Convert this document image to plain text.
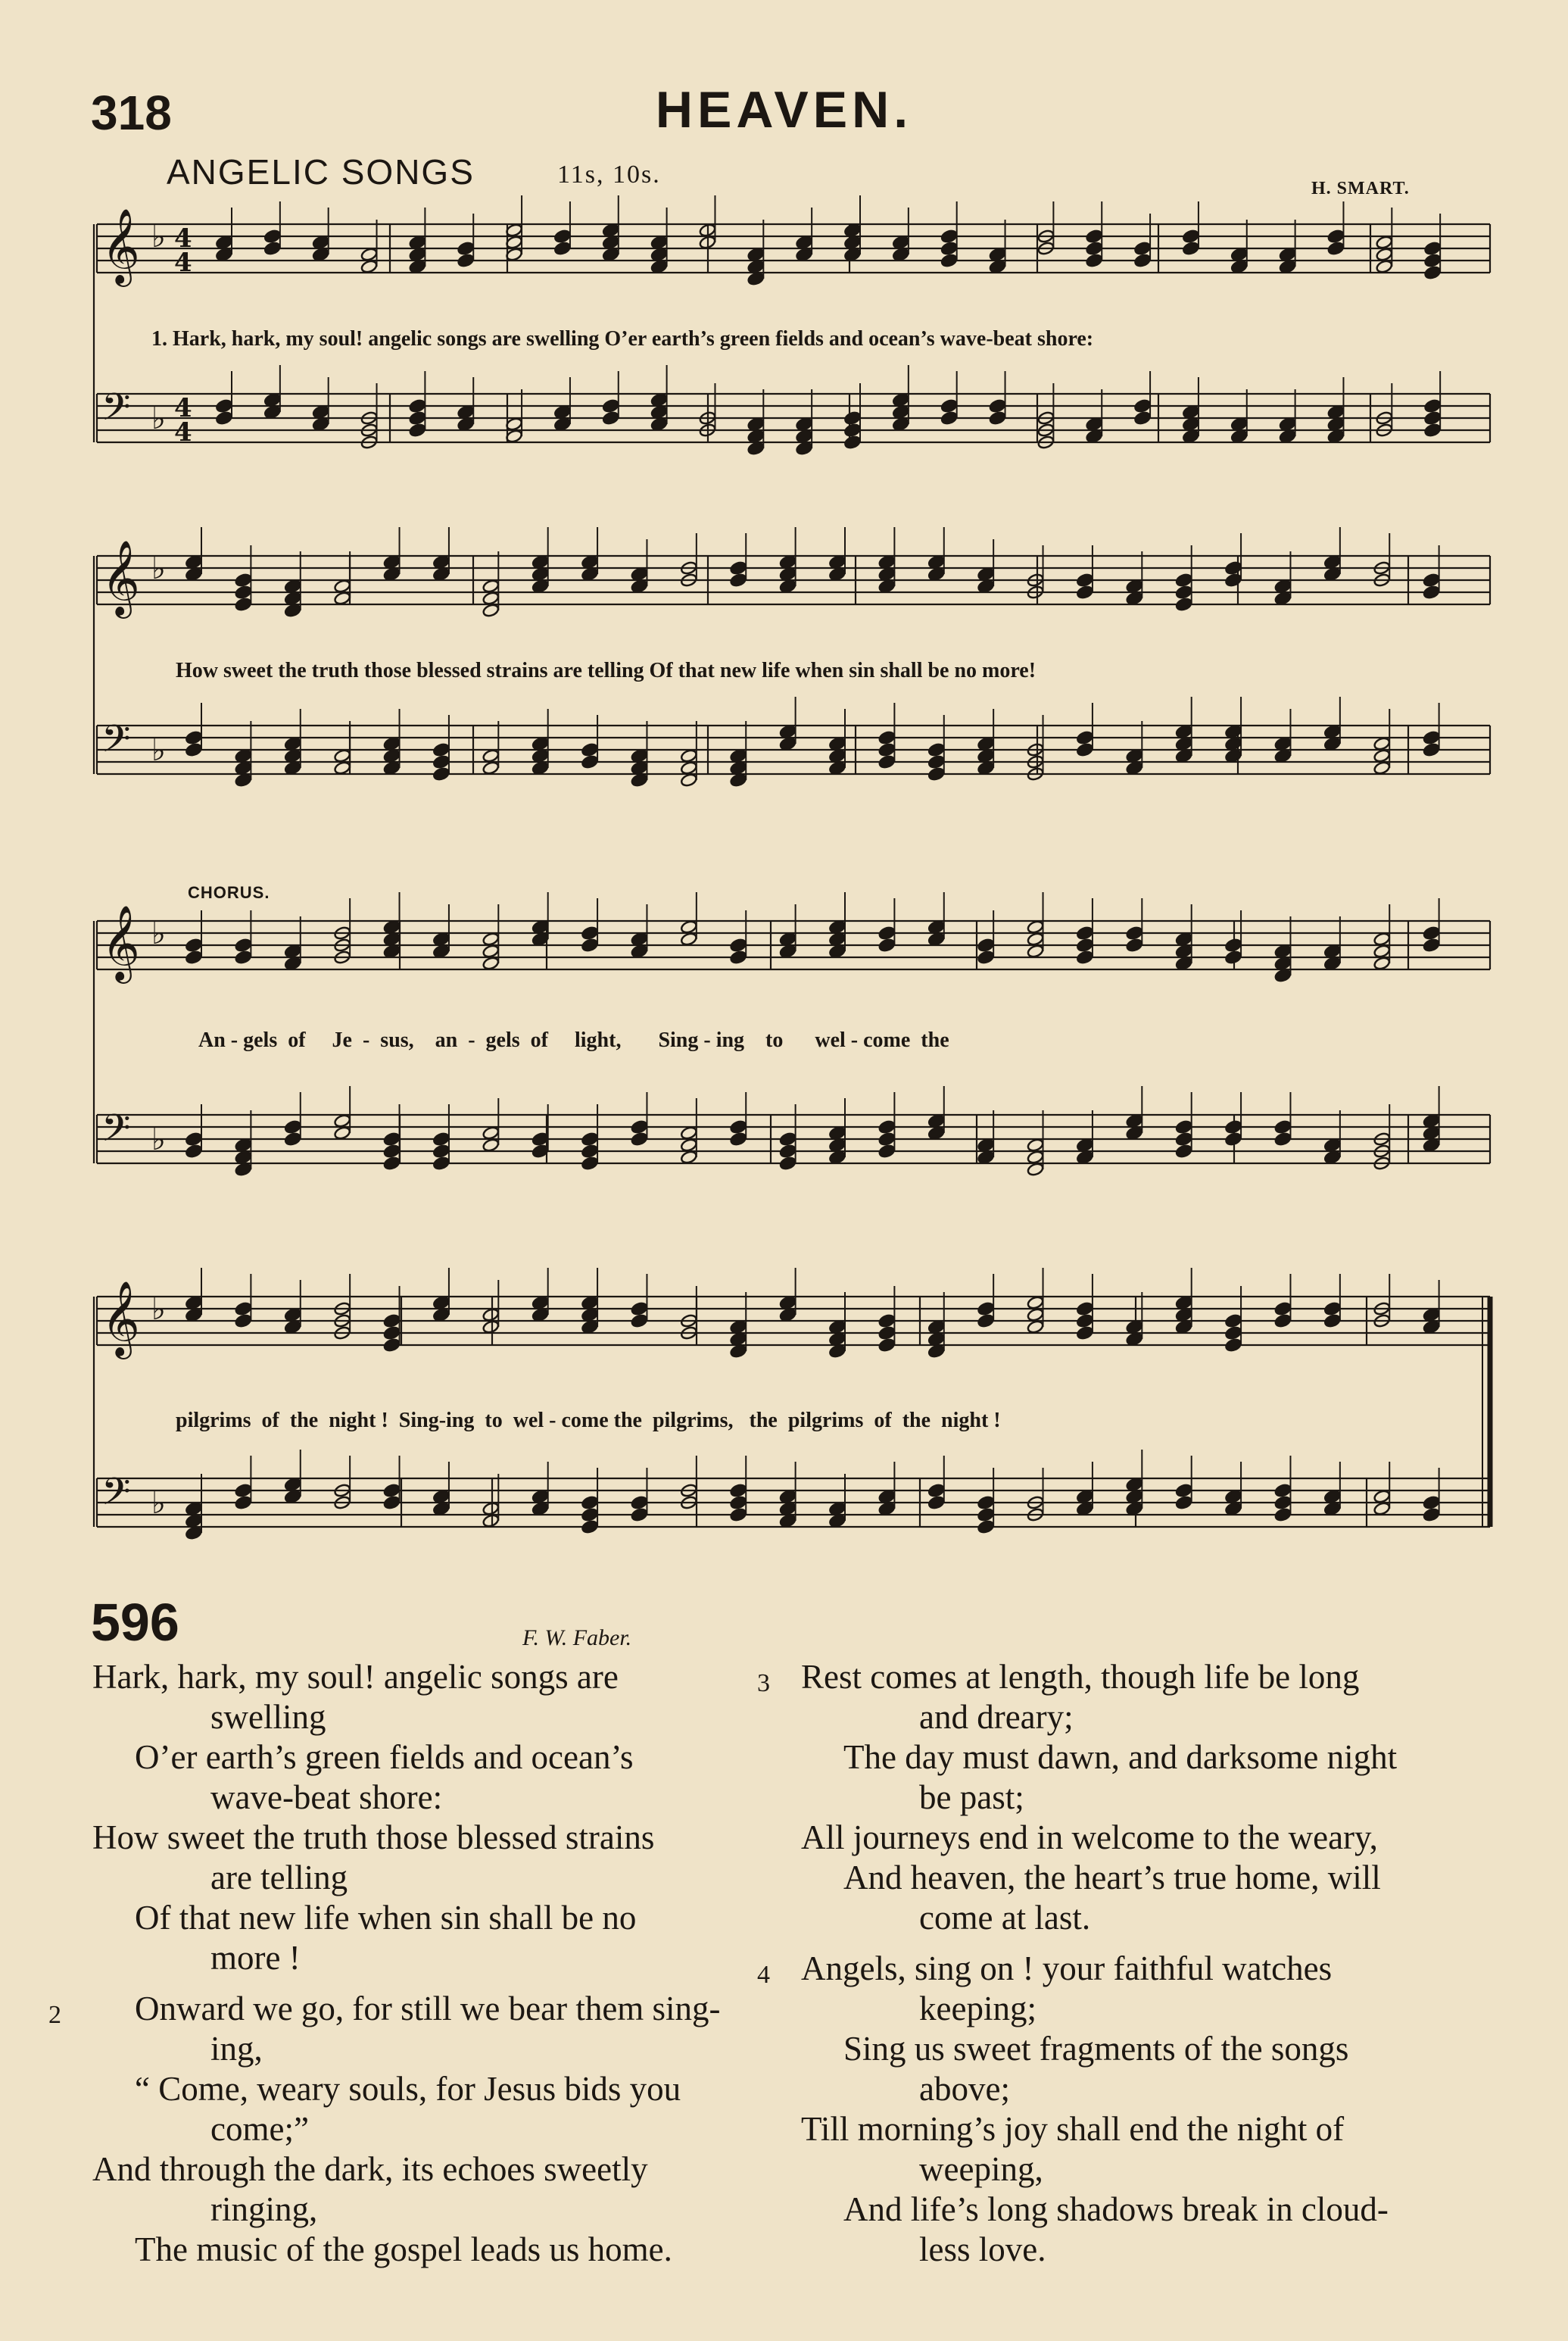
318	HEAVEN.
ANGELIC SONGS	11s, 10s.	H. SMART.
CHORUS.
𝄞 ♭ 4
4
𝄢 ♭ 4
4
𝄞 ♭
𝄢 ♭
𝄞 ♭
𝄢 ♭
𝄞 ♭
𝄢 ♭
1. Hark, hark, my soul! angelic songs are swelling O’er earth’s green fields and ocean’s wave-beat shore:
How sweet the truth those blessed strains are telling Of that new life when sin shall be no more!
An - gels  of     Je  -  sus,    an  -  gels  of     light,       Sing - ing    to      wel - come  the
pilgrims  of  the  night !  Sing-ing  to  wel - come the  pilgrims,   the  pilgrims  of  the  night !
596	F. W. Faber.

Hark, hark, my soul! angelic songs are

swelling

O’er earth’s green fields and ocean’s

wave-beat shore:

How sweet the truth those blessed strains

are telling

Of that new life when sin shall be no

more !

Onward we go, for still we bear them sing-
2

ing,

“ Come, weary souls, for Jesus bids you

come;”

And through the dark, its echoes sweetly

ringing,

The music of the gospel leads us home.

Rest comes at length, though life be long
3

and dreary;

The day must dawn, and darksome night

be past;

All journeys end in welcome to the weary,

And heaven, the heart’s true home, will

come at last.

Angels, sing on ! your faithful watches
4

keeping;

Sing us sweet fragments of the songs

above;

Till morning’s joy shall end the night of

weeping,

And life’s long shadows break in cloud-

less love.
